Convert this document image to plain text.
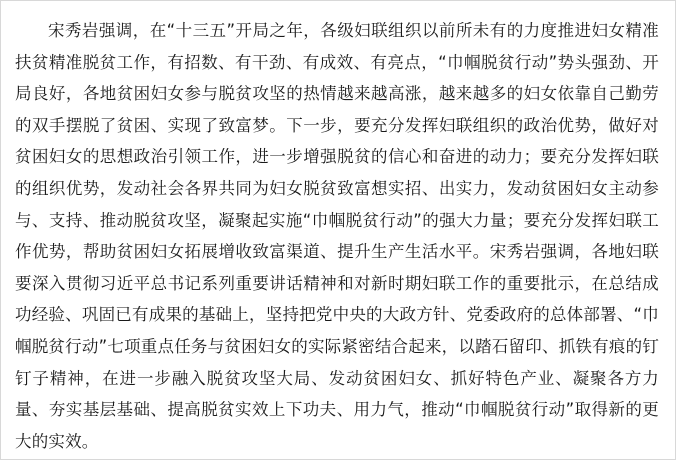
宋秀岩强调，在“十三五”开局之年，各级妇联组织以前所未有的力度推进妇女精准扶贫精准脱贫工作，有招数、有干劲、有成效、有亮点，“巾帼脱贫行动”势头强劲、开局良好，各地贫困妇女参与脱贫攻坚的热情越来越高涨，越来越多的妇女依靠自己勤劳的双手摆脱了贫困、实现了致富梦。下一步，要充分发挥妇联组织的政治优势，做好对贫困妇女的思想政治引领工作，进一步增强脱贫的信心和奋进的动力；要充分发挥妇联的组织优势，发动社会各界共同为妇女脱贫致富想实招、出实力，发动贫困妇女主动参与、支持、推动脱贫攻坚，凝聚起实施“巾帼脱贫行动”的强大力量；要充分发挥妇联工作优势，帮助贫困妇女拓展增收致富渠道、提升生产生活水平。宋秀岩强调，各地妇联要深入贯彻习近平总书记系列重要讲话精神和对新时期妇联工作的重要批示，在总结成功经验、巩固已有成果的基础上，坚持把党中央的大政方针、党委政府的总体部署、“巾帼脱贫行动”七项重点任务与贫困妇女的实际紧密结合起来，以踏石留印、抓铁有痕的钉钉子精神，在进一步融入脱贫攻坚大局、发动贫困妇女、抓好特色产业、凝聚各方力量、夯实基层基础、提高脱贫实效上下功夫、用力气，推动“巾帼脱贫行动”取得新的更大的实效。
